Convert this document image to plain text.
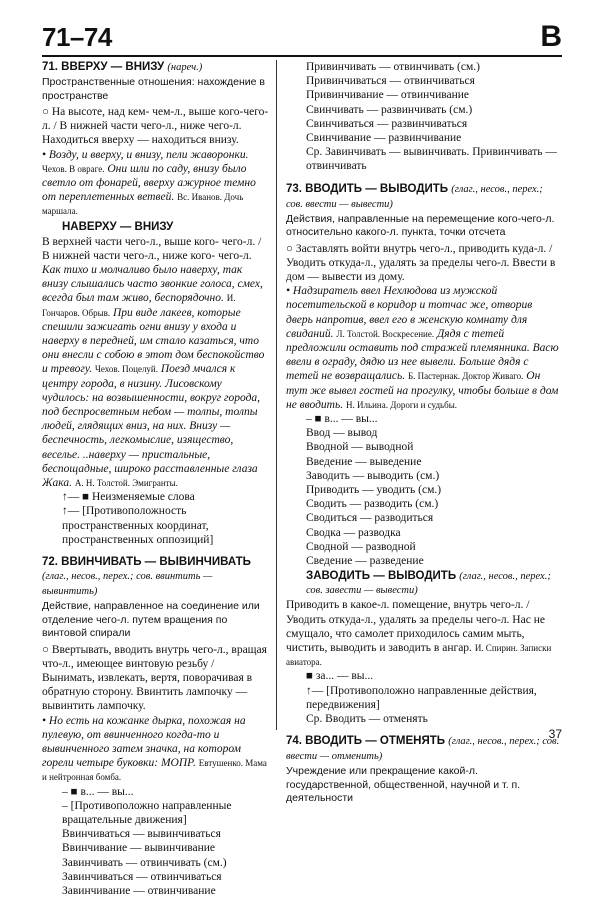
71–74	В

71. ВВЕРХУ — ВНИЗУ (нареч.)

Пространственные отношения: нахождение в пространстве

○ На высоте, над кем- чем-л., выше кого-чего-л. / В нижней части чего-л., ниже чего-л. Находиться вверху — находиться внизу.

• Возду, и вверху, и внизу, пели жаворонки. Чехов. В овраге. Они шли по саду, внизу было светло от фонарей, вверху ажурное темно от переплетенных ветвей. Вс. Иванов. Дочь маршала.

НАВЕРХУ — ВНИЗУ

В верхней части чего-л., выше кого- чего-л. / В нижней части чего-л., ниже кого- чего-л.

Как тихо и молчаливо было наверху, так внизу слышались часто звонкие голоса, смех, всегда был там живо, беспорядочно. И. Гончаров. Обрыв. При виде лакеев, которые спешили зажигать огни внизу у входа и наверху в передней, им стало казаться, что они внесли с собою в этот дом беспокойство и тревогу. Чехов. Поцелуй. Поезд мчался к центру города, в низину. Лисовскому чудилось: на возвышенности, вокруг города, под беспросветным небом — толпы, толпы людей, глядящих вниз, на них. Внизу — беспечность, легкомыслие, изящество, веселье. ..наверху — пристальные, беспощадные, широко расставленные глаза Жака. А. Н. Толстой. Эмигранты.

↑— ■ Неизменяемые слова

↑— [Противоположность пространственных координат, пространственных оппозиций]

72. ВВИНЧИВАТЬ — ВЫВИНЧИВАТЬ (глаг., несов., перех.; сов. ввинтить — вывинтить)

Действие, направленное на соединение или отделение чего-л. путем вращения по винтовой спирали

○ Ввертывать, вводить внутрь чего-л., вращая что-л., имеющее винтовую резьбу / Вынимать, извлекать, вертя, поворачивая в обратную сторону. Ввинтить лампочку — вывинтить лампочку.

• Но есть на кожанке дырка, похожая на пулевую, от ввинченного когда-то и вывинченного затем значка, на котором горели четыре буковки: МОПР. Евтушенко. Мама и нейтронная бомба.

– ■ в... — вы...

– [Противоположно направленные вращательные движения]

Ввинчиваться — вывинчиваться

Ввинчивание — вывинчивание

Завинчивать — отвинчивать (см.)

Завинчиваться — отвинчиваться

Завинчивание — отвинчивание

Привинчивать — отвинчивать (см.)

Привинчиваться — отвинчиваться

Привинчивание — отвинчивание

Свинчивать — развинчивать (см.)

Свинчиваться — развинчиваться

Свинчивание — развинчивание

Ср. Завинчивать — вывинчивать. Привинчивать — отвинчивать

73. ВВОДИТЬ — ВЫВОДИТЬ (глаг., несов., перех.; сов. ввести — вывести)

Действия, направленные на перемещение кого-чего-л. относительно какого-л. пункта, точки отсчета

○ Заставлять войти внутрь чего-л., приводить куда-л. / Уводить откуда-л., удалять за пределы чего-л. Ввести в дом — вывести из дому.

• Надзиратель ввел Нехлюдова из мужской посетительской в коридор и тотчас же, отворив дверь напротив, ввел его в женскую комнату для свиданий. Л. Толстой. Воскресение. Дядя с тетей предложили оставить под стражей племянника. Васю ввели в ограду, дядю из нее вывели. Больше дядя с тетей не возвращались. Б. Пастернак. Доктор Живаго. Он тут же вывел гостей на прогулку, чтобы больше в дом не вводить. Н. Ильина. Дороги и судьбы.

– ■ в... — вы...

Ввод — вывод

Вводной — выводной

Введение — выведение

Заводить — выводить (см.)

Приводить — уводить (см.)

Сводить — разводить (см.)

Сводиться — разводиться

Сводка — разводка

Сводной — разводной

Сведение — разведение

ЗАВОДИТЬ — ВЫВОДИТЬ (глаг., несов., перех.; сов. завести — вывести)

Приводить в какое-л. помещение, внутрь чего-л. / Уводить откуда-л., удалять за пределы чего-л. Нас не смущало, что самолет приходилось самим мыть, чистить, выводить и заводить в ангар. И. Спирин. Записки авиатора.

■ за... — вы...

↑— [Противоположно направленные действия, передвижения]

Ср. Вводить — отменять

74. ВВОДИТЬ — ОТМЕНЯТЬ (глаг., несов., перех.; сов. ввести — отменить)

Учреждение или прекращение какой-л. государственной, общественной, научной и т. п. деятельности

37
